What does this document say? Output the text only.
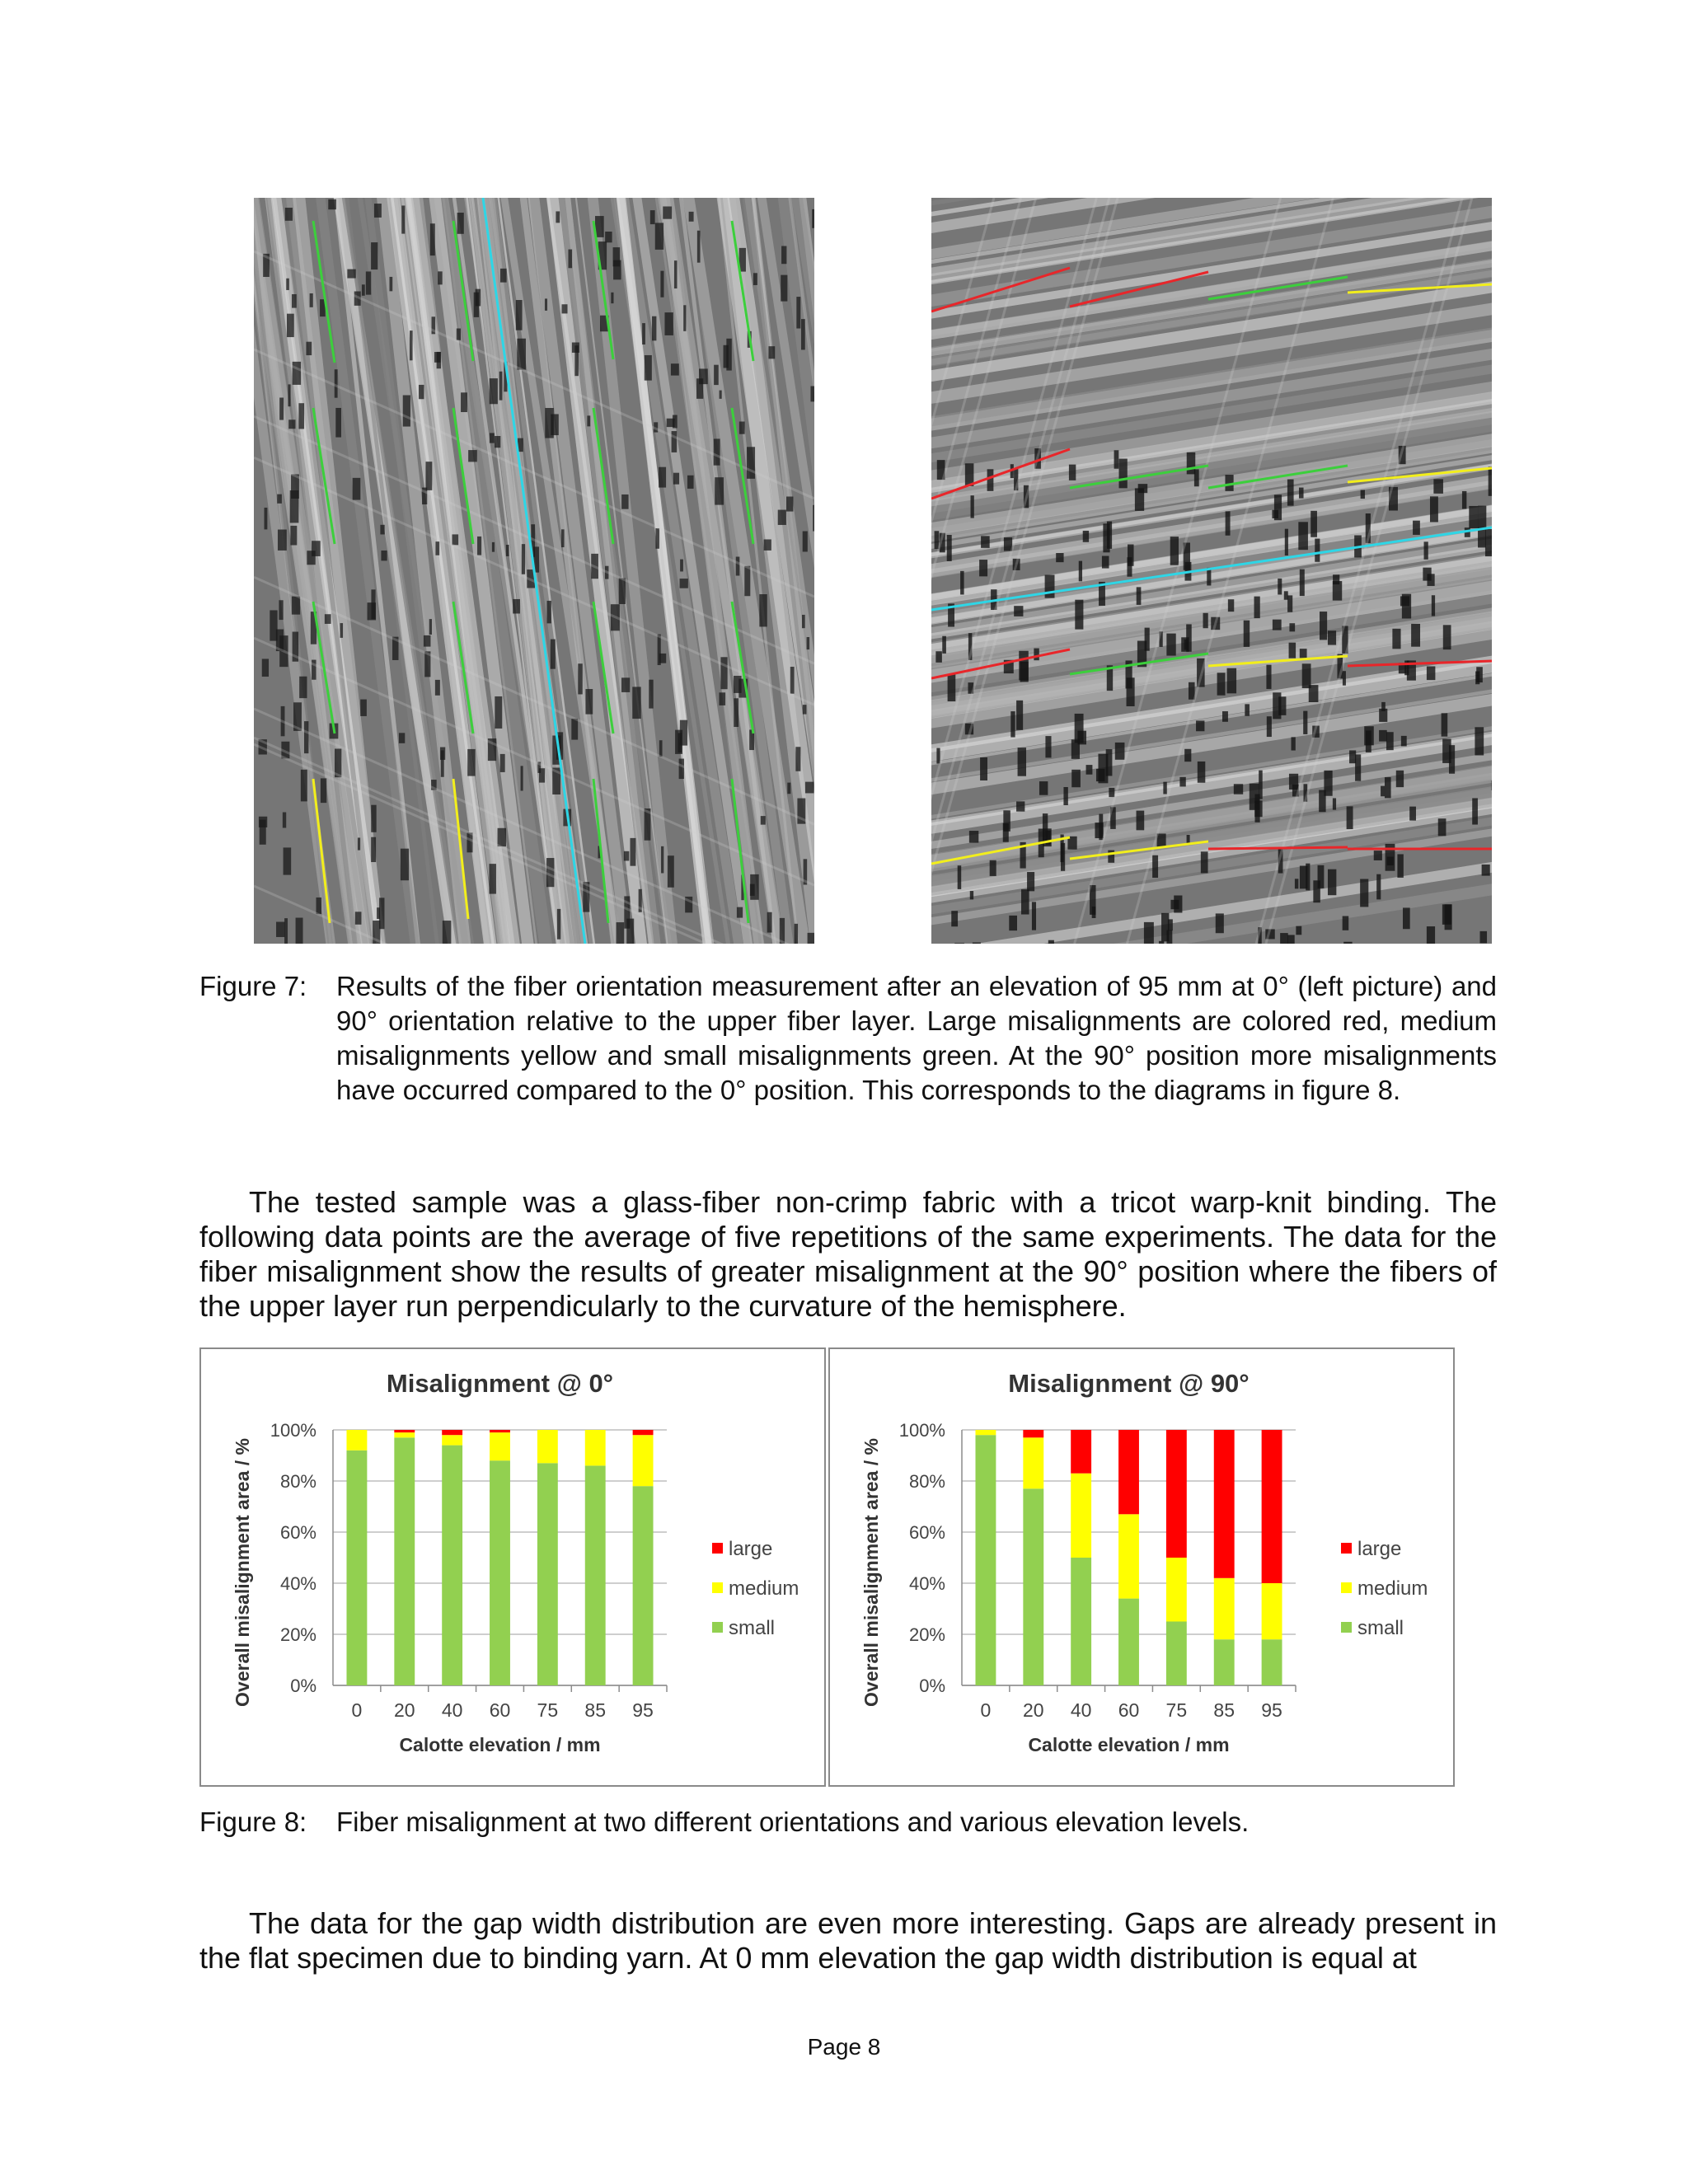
Figure 7:	Results of the fiber orientation measurement after an elevation of 95 mm at 0° (left picture) and 90° orientation relative to the upper fiber layer. Large misalignments are colored red, medium misalignments yellow and small misalignments green. At the 90° position more misalignments have occurred compared to the 0° position. This corresponds to the diagrams in figure 8.
The tested sample was a glass-fiber non-crimp fabric with a tricot warp-knit binding. The following data points are the average of five repetitions of the same experiments. The data for the fiber misalignment show the results of greater misalignment at the 90° position where the fibers of the upper layer run perpendicularly to the curvature of the hemisphere.
Misalignment @ 0°
0%
20%
40%
60%
80%
100%
0 20 40 60 75 85 95
Calotte elevation / mm
Overall misalignment area / %	large
medium
small
Misalignment @ 90°
0%
20%
40%
60%
80%
100%
0 20 40 60 75 85 95
Calotte elevation / mm
Overall misalignment area / %	large
medium
small
Figure 8:	Fiber misalignment at two different orientations and various elevation levels.
The data for the gap width distribution are even more interesting. Gaps are already present in the flat specimen due to binding yarn. At 0 mm elevation the gap width distribution is equal at
Page 8
